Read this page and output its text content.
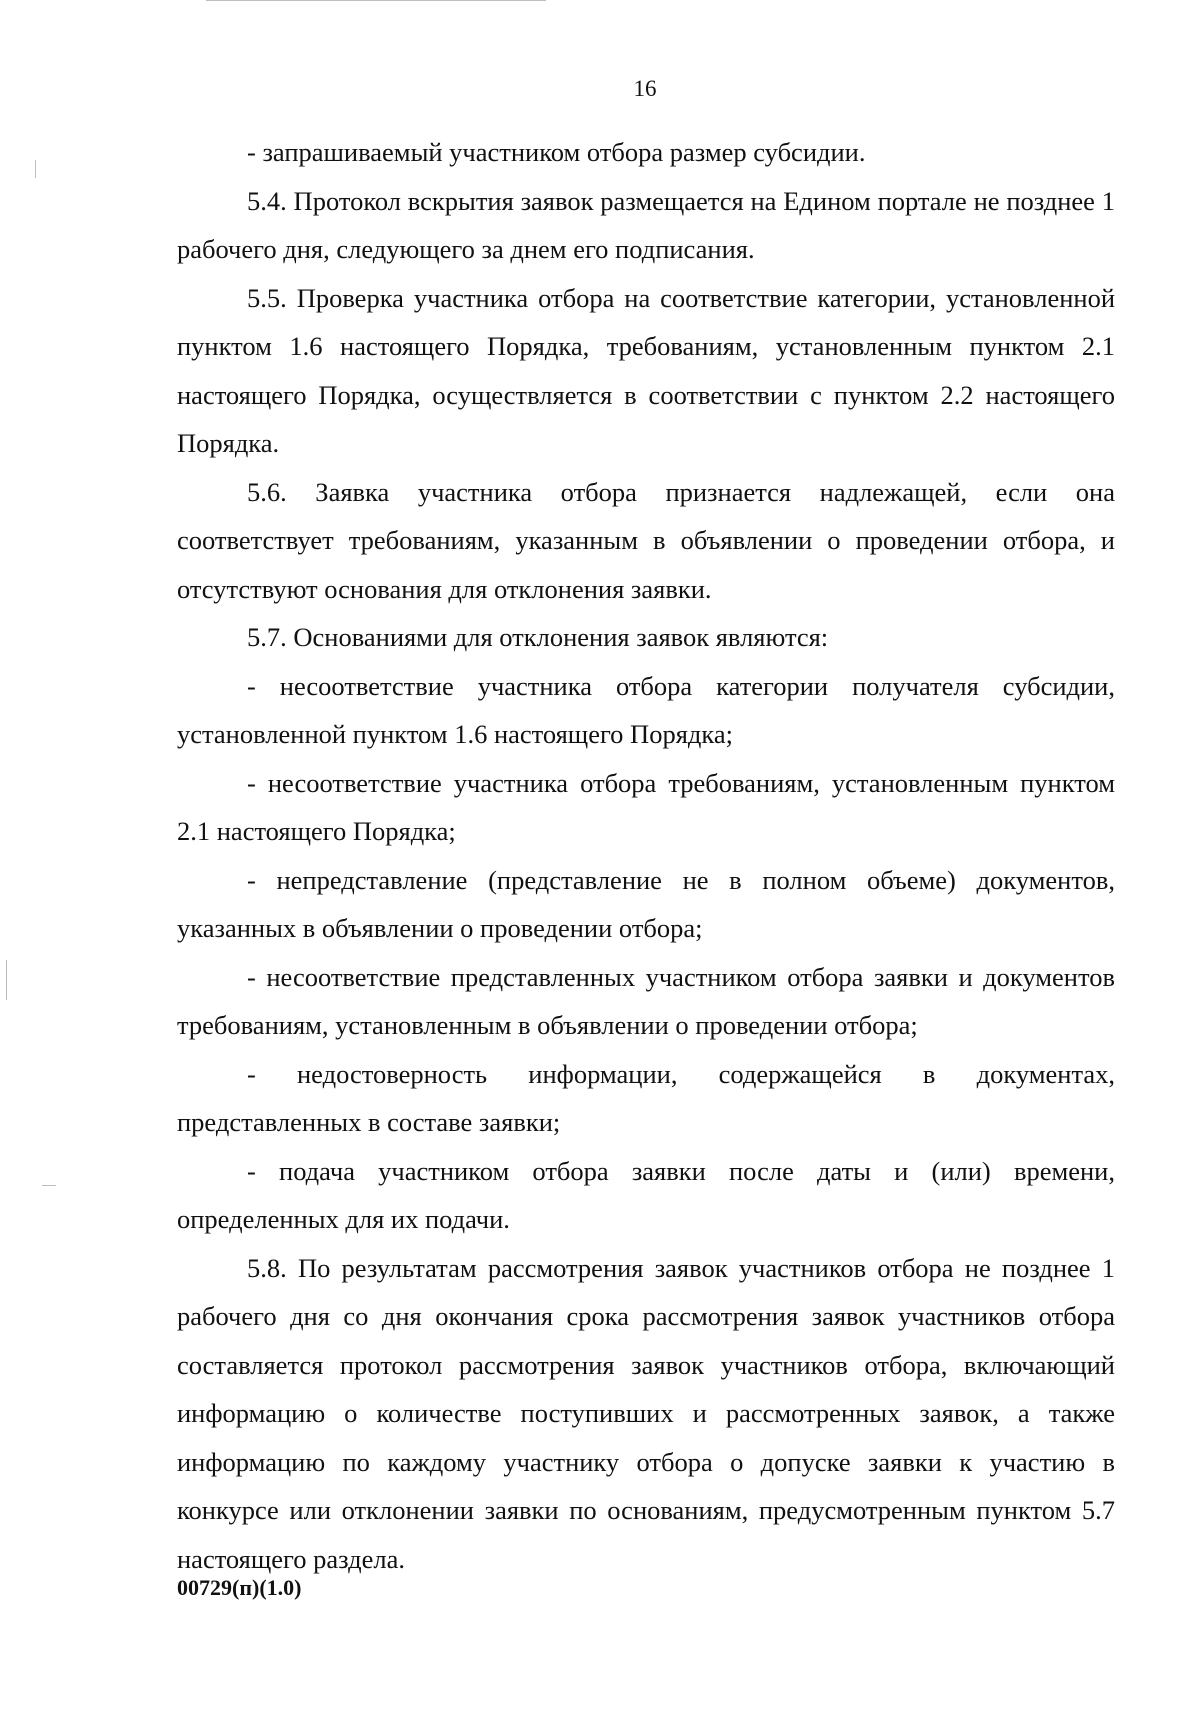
16

- запрашиваемый участником отбора размер субсидии.

5.4. Протокол вскрытия заявок размещается на Едином портале не позднее 1 рабочего дня, следующего за днем его подписания.

5.5. Проверка участника отбора на соответствие категории, установленной пунктом 1.6 настоящего Порядка, требованиям, установленным пунктом 2.1 настоящего Порядка, осуществляется в соответствии с пунктом 2.2 настоящего Порядка.

5.6. Заявка участника отбора признается надлежащей, если она соответствует требованиям, указанным в объявлении о проведении отбора, и отсутствуют основания для отклонения заявки.

5.7. Основаниями для отклонения заявок являются:

- несоответствие участника отбора категории получателя субсидии, установленной пунктом 1.6 настоящего Порядка;

- несоответствие участника отбора требованиям, установленным пунктом 2.1 настоящего Порядка;

- непредставление (представление не в полном объеме) документов, указанных в объявлении о проведении отбора;

- несоответствие представленных участником отбора заявки и документов требованиям, установленным в объявлении о проведении отбора;

- недостоверность информации, содержащейся в документах, представленных в составе заявки;

- подача участником отбора заявки после даты и (или) времени, определенных для их подачи.

5.8. По результатам рассмотрения заявок участников отбора не позднее 1 рабочего дня со дня окончания срока рассмотрения заявок участников отбора составляется протокол рассмотрения заявок участников отбора, включающий информацию о количестве поступивших и рассмотренных заявок, а также информацию по каждому участнику отбора о допуске заявки к участию в конкурсе или отклонении заявки по основаниям, предусмотренным пунктом 5.7 настоящего раздела.

00729(п)(1.0)
